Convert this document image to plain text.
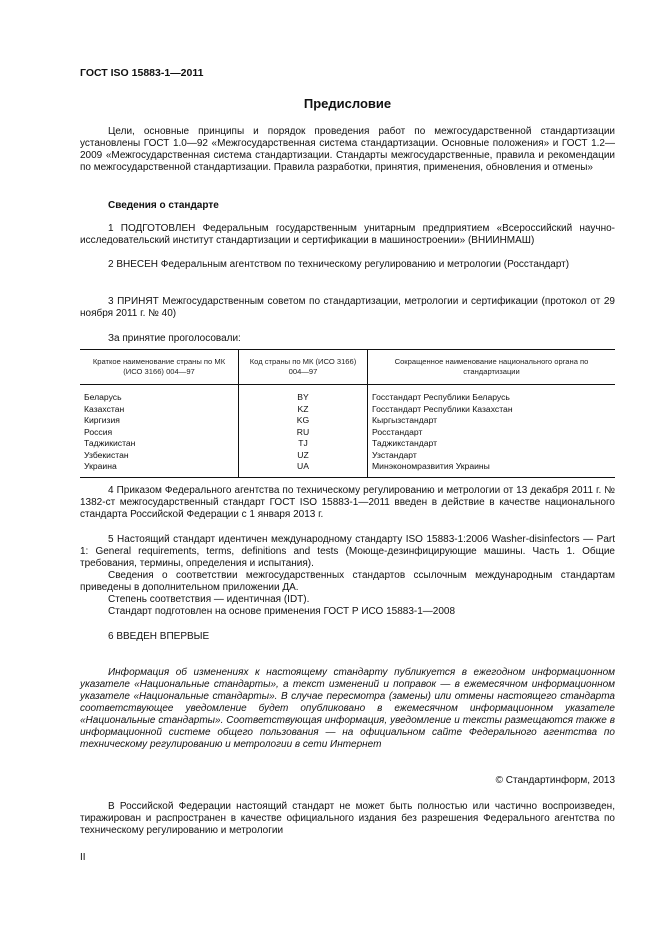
ГОСТ ISO 15883-1—2011
Предисловие
Цели, основные принципы и порядок проведения работ по межгосударственной стандартизации установлены ГОСТ 1.0—92 «Межгосударственная система стандартизации. Основные положения» и ГОСТ 1.2—2009 «Межгосударственная система стандартизации. Стандарты межгосударственные, правила и рекомендации по межгосударственной стандартизации. Правила разработки, принятия, применения, обновления и отмены»
Сведения о стандарте
1 ПОДГОТОВЛЕН Федеральным государственным унитарным предприятием «Всероссийский научно-исследовательский институт стандартизации и сертификации в машиностроении» (ВНИИНМАШ)
2 ВНЕСЕН Федеральным агентством по техническому регулированию и метрологии (Росстандарт)
3 ПРИНЯТ Межгосударственным советом по стандартизации, метрологии и сертификации (протокол от 29 ноября 2011 г. № 40)
За принятие проголосовали:
Краткое наименование страны по МК (ИСО 3166) 004—97	Код страны по МК (ИСО 3166) 004—97	Сокращенное наименование национального органа по стандартизации
Беларусь	BY	Госстандарт Республики Беларусь
Казахстан	KZ	Госстандарт Республики Казахстан
Киргизия	KG	Кыргызстандарт
Россия	RU	Росстандарт
Таджикистан	TJ	Таджикстандарт
Узбекистан	UZ	Узстандарт
Украина	UA	Минэкономразвития Украины
4 Приказом Федерального агентства по техническому регулированию и метрологии от 13 декабря 2011 г. № 1382-ст межгосударственный стандарт ГОСТ ISO 15883-1—2011 введен в действие в качестве национального стандарта Российской Федерации с 1 января 2013 г.
5 Настоящий стандарт идентичен международному стандарту ISO 15883-1:2006 Washer-disinfectors — Part 1: General requirements, terms, definitions and tests (Моюще-дезинфицирующие машины. Часть 1. Общие требования, термины, определения и испытания).
Сведения о соответствии межгосударственных стандартов ссылочным международным стандартам приведены в дополнительном приложении ДА.
Степень соответствия — идентичная (IDT).
Стандарт подготовлен на основе применения ГОСТ Р ИСО 15883-1—2008
6 ВВЕДЕН ВПЕРВЫЕ
Информация об изменениях к настоящему стандарту публикуется в ежегодном информационном указателе «Национальные стандарты», а текст изменений и поправок — в ежемесячном информационном указателе «Национальные стандарты». В случае пересмотра (замены) или отмены настоящего стандарта соответствующее уведомление будет опубликовано в ежемесячном информационном указателе «Национальные стандарты». Соответствующая информация, уведомление и тексты размещаются также в информационной системе общего пользования — на официальном сайте Федерального агентства по техническому регулированию и метрологии в сети Интернет
© Стандартинформ, 2013
В Российской Федерации настоящий стандарт не может быть полностью или частично воспроизведен, тиражирован и распространен в качестве официального издания без разрешения Федерального агентства по техническому регулированию и метрологии
II
